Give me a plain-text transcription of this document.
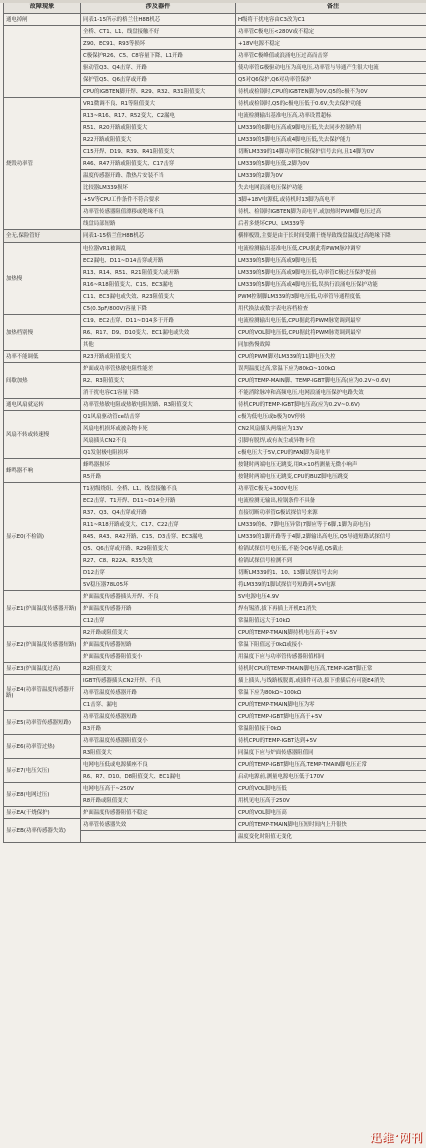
故障现象	涉及器件	备注
通电掉闸	同表1-15所示的格兰仕H8B机芯	H级将干扰电容由C3改为C1
	全桥、CT1、L1、线盘接触不好	功率管C极电压<280V或不稳定
	Z90、EC91、R93等损坏	+18V电源不稳定
	C极保护R26、C5、C8容量下降、L1开路	功率管C极峰值或浪涌电压过高而击穿
	驱动管Q3、Q4击穿、开路	使功率管G极驱动电压为高电压,功率管与导通产生很大电流
	保护管Q5、Q6击穿或开路	Q5对Q6保护,Q6对功率管保护
	CPU的IGBTEN脚开焊、R29、R32、R31阻值变大	待机或检锅时,CPU的IGBTEN脚为0V,Q5的c极不为0V
烧毁功率管	VR1微调不良、R1等阻值变大	待机或检锅时,Q5的c极电压低于0.6V,失去保护功能
	R13~R16、R17、R52变大、C2漏电	电流检测输出基准电压高,功率设置超标
	R51、R20开路或阻值变大	LM339的6脚电压高或9脚电压低,失去同步控制作用
	R22开路或阻值变大	LM339的5脚电压高或4脚电压低,失去保护能力
	C15开焊、D19、R39、R41阻值变大	切断LM339的14脚功率管C极保护信号去向,且14脚为0V
	R46、R47开路或阻值变大、C17击穿	LM339的5脚电压低,2脚为0V
	温度传感器开路、散热片安装不当	LM339的2脚为0V
	比较器LM339损坏	失去电网浪涌电压保护功能
	+5V等CPU工作条件不符合要求	3脚+18V电源低,或待机时13脚为高电平
	功率管传感器阻值漂移或绝缘不良	待机、检锅时IGBTEN脚为高电平,或加热时PWM脚电压过高
	线盘局部短路	后者多烧坏CPU、LM339等
全无,保险管好	同表1-15格兰仕H8B机芯	横摔板毁,主要是由于长时间受潮干烧导致线盘温度过高绝缘下降
加热慢	电位器VR1被调乱	电流检测输出基准电压低,CPU据此将PWM脉冲调窄
	EC2漏电、D11~D14击穿或开路	LM339的5脚电压高或9脚电压低
	R13、R14、R51、R21阻值变大或开路	LM339的5脚电压高或9脚电压低,功率管C极过压保护提前
	R16~R18阻值变大、C15、EC3漏电	LM339的5脚电压高或4脚电压低,误执行浪涌电压保护功能
	C11、EC3漏电或失效、R23阻值变大	PWM控制脚LM339的3脚电压低,功率管导通程度低
	C5(0.3pF/800V)容量下降	用代换法或数字表电容档检查
加热档别慢	C19、EC2击穿、D11~D14多于开路	电流检测输出电压低,CPU据此将PWM脉宽调到最窄
	R6、R17、D9、D10变大、EC1漏电或失效	CPU的VOL脚电压低,CPU据此将PWM脉宽调到最窄
	其他	同加热慢故障
功率不能调低	R23开路或阻值变大	CPU的PWM脚对LM339的11脚电压失控
间歇加热	炉面或功率管热敏电阻性能差	误判温度过高,常温下应为80kΩ~100kΩ
	R2、R3阻值变大	CPU的TEMP-MAIN脚、TEMP-IGBT脚电压高(应为0.2V~0.6V)
	消干扰电容C1容量下降	不能消除脉冲和高频电压,电网浪涌电压保护电路失效
通电风扇就运转	功率管热敏电阻或热敏电阻短路、R3阻值变大	待机CPU的TEMP-IGBT脚电压高(应为0.2V~0.6V)
风扇不转或转速慢	Q1风扇驱动管ce结击穿	c极为低电压或b极为0V停转
	风扇电机损坏或被杂物卡死	CN2风扇插头两端应为13V
	风扇插头CN2不良	引脚有脱焊,或有灰尘或异物卡住
	Q1发射极电阻损坏	c极电压大于5V,CPU的FAN脚为高电平
蜂鸣器不响	蜂鸣器损坏	按键时两端电压无跳变,用R×10档测量无微小响声
	R5开路	按键时两端电压无跳变,CPU的BUZ脚电压跳变
显示E0(不检锅)	T1初级绕组、全桥、L1、线盘接触不良	功率管C极无+300V电压
	EC2击穿、T1开焊、D11~D14全开路	电流检测无输出,检锅条件不具备
	R37、Q3、Q4击穿或开路	直接切断功率管G极试探信号来源
	R11~R18开路或变大、C17、C22击穿	LM339的6、7脚电压异常(7脚应等于6脚,1脚为高电压)
	R45、R43、R42开路、C15、D3击穿、EC3漏电	LM339的1脚开路等于4脚,2脚输出高电压,Q5导通短路试探信号
	Q5、Q6击穿或开路、R29阻值变大	检锅试探信号电压低,不能令Q6导通,Q5截止
	R27、C8、R22A、R35失效	检锅试探信号检测不到
	D12击穿	切断LM339的1、10、13脚试探信号去向
	5V稳压器78L05坏	将LM339的1脚试探信号短路到+5V电源
显示E1(炉面温度传感器开路)	炉面温度传感器插头开焊、不良	5V电源电压4.9V
	炉面温度传感器开路	焊有锡渣,拔下再插上开机E1消失
	C12击穿	常温阻值远大于10kΩ
显示E2(炉面温度传感器短路)	R2开路或阻值变大	CPU的TEMP-TMAIN脚持机电压高于+5V
	炉面温度传感器短路	常温下阻值远于0kΩ或接小
	炉面温度传感器阻值变小	用温度下应与功率管传感器阻值相同
显示E3(炉面温度过高)	R2阻值变大	待机时CPU的TEMP-TMAIN脚电压高,TEMP-IGBT脚正常
显示E4(功率管温度传感器开路)	IGBT传感器插头CN2开焊、不良	插上插头,与线路板脱离,或插件可动,拔下重插后有可能E4消失
	功率管温度传感器开路	常温下应为80kΩ~100kΩ
	C1击穿、漏电	CPU的TEMP-TMAIN脚电压为零
显示E5(功率管传感器短路)	功率管温度传感器短路	CPU的TEMP-IGBT脚电压高于+5V
	R3开路	常温阻值接于0kΩ
显示E6(功率管过热)	功率管温度传感器阻值变小	待机CPU的TEMP-IGBT达到+5V
	R3阻值变大	同温度下应与炉面传感器阻值同
显示E7(电压欠压)	电网电压低或电源插座不良	CPU的TEMP-IGBT脚电压高,TEMP-TMAIN脚电压正常
	R6、R7、D10、D8阻值变大、EC1漏电	启动电源前,测量电源电压低于170V
显示E8(电网过压)	电网电压高于~250V	CPU的VOL脚电压低
	R8开路或阻值变大	用机见电压高于250V
显示EA(干烧保护)	炉面温度传感器阻值不稳定	CPU的VOL脚电压高
显示EB(功率传感器失效)	功率管传感器失效	CPU的TEMP-TMAIN脚电压短时间内上升很快
		温度变化时阻值无变化
迅 维 · 网 刊
